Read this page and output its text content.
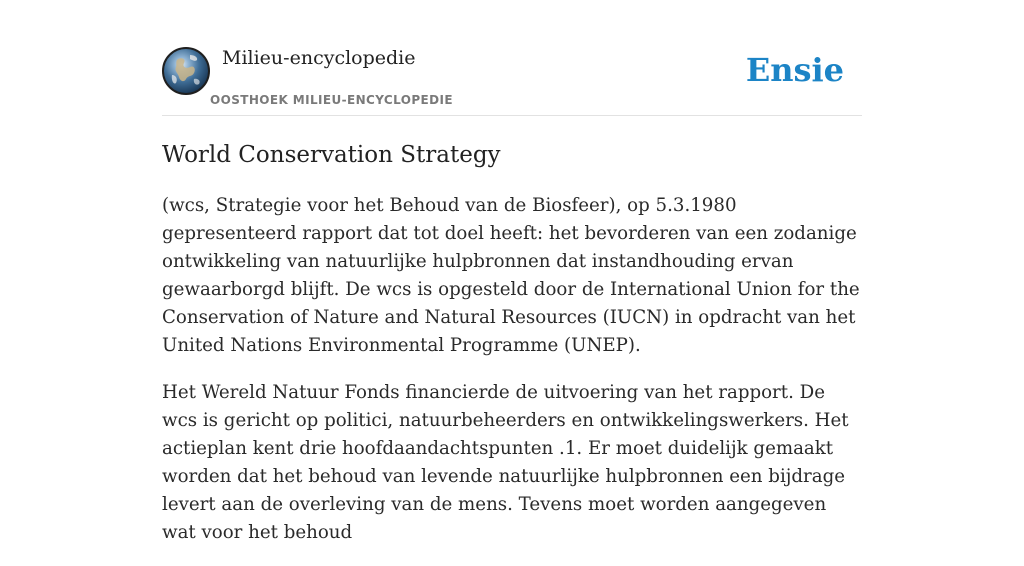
Milieu-encyclopedie
OOSTHOEK MILIEU-ENCYCLOPEDIE
Ensie
World Conservation Strategy

(wcs, Strategie voor het Behoud van de Biosfeer), op 5.3.1980 gepresenteerd rapport dat tot doel heeft: het bevorderen van een zodanige ontwikkeling van natuurlijke hulpbronnen dat instandhouding ervan gewaarborgd blijft. De wcs is opgesteld door de International Union for the Conservation of Nature and Natural Resources (IUCN) in opdracht van het United Nations Environmental Programme (UNEP).

Het Wereld Natuur Fonds financierde de uitvoering van het rapport. De wcs is gericht op politici, natuurbeheerders en ontwikkelingswerkers. Het actieplan kent drie hoofdaandachtspunten .1. Er moet duidelijk gemaakt worden dat het behoud van levende natuurlijke hulpbronnen een bijdrage levert aan de overleving van de mens. Tevens moet worden aangegeven wat voor het behoud
